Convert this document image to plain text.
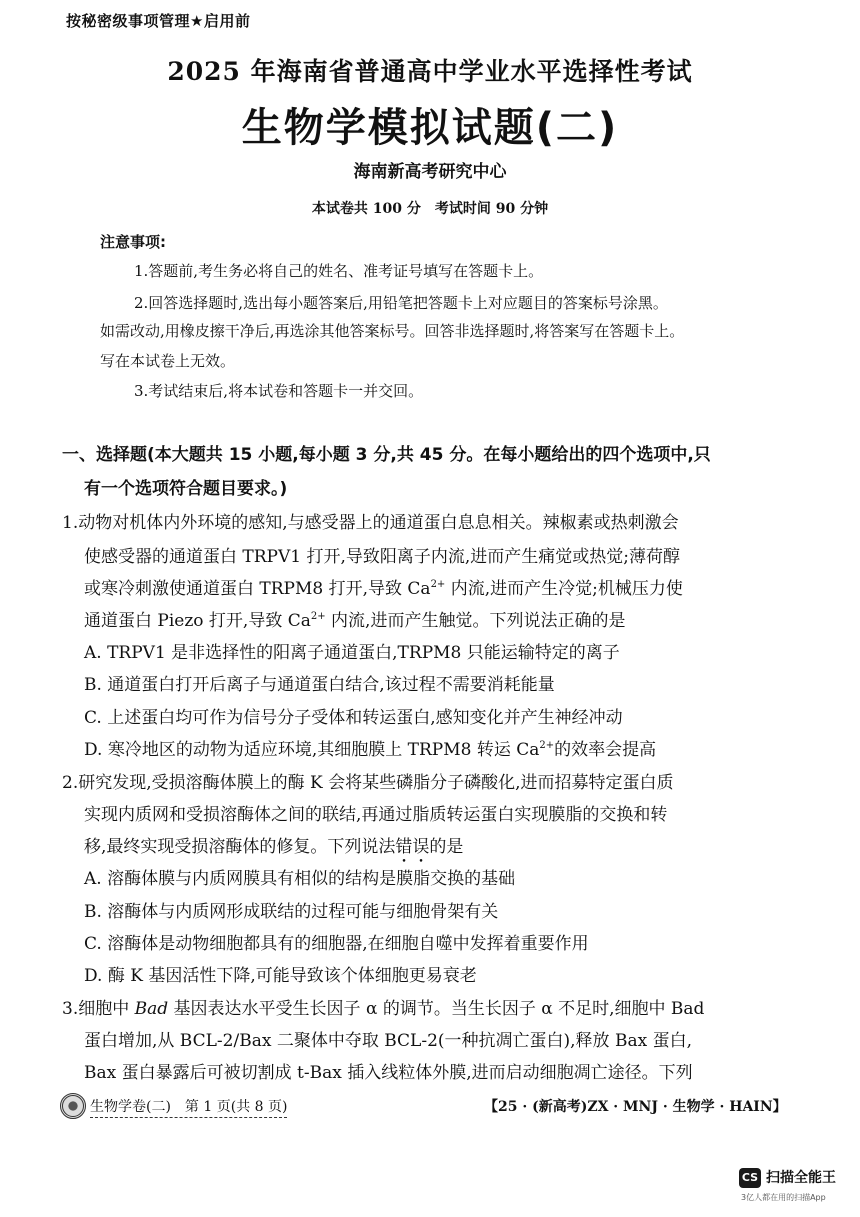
按秘密级事项管理★启用前
2025 年海南省普通高中学业水平选择性考试
生物学模拟试题(二)
海南新高考研究中心
本试卷共 100 分　考试时间 90 分钟
注意事项:
1.答题前,考生务必将自己的姓名、准考证号填写在答题卡上。
2.回答选择题时,选出每小题答案后,用铅笔把答题卡上对应题目的答案标号涂黑。
如需改动,用橡皮擦干净后,再选涂其他答案标号。回答非选择题时,将答案写在答题卡上。
写在本试卷上无效。
3.考试结束后,将本试卷和答题卡一并交回。
一、选择题(本大题共 15 小题,每小题 3 分,共 45 分。在每小题给出的四个选项中,只
有一个选项符合题目要求。)
1.动物对机体内外环境的感知,与感受器上的通道蛋白息息相关。辣椒素或热刺激会
使感受器的通道蛋白 TRPV1 打开,导致阳离子内流,进而产生痛觉或热觉;薄荷醇
或寒冷刺激使通道蛋白 TRPM8 打开,导致 $Ca^{2+}$ 内流,进而产生冷觉;机械压力使
通道蛋白 Piezo 打开,导致 $Ca^{2+}$ 内流,进而产生触觉。下列说法正确的是
A. TRPV1 是非选择性的阳离子通道蛋白,TRPM8 只能运输特定的离子
B. 通道蛋白打开后离子与通道蛋白结合,该过程不需要消耗能量
C. 上述蛋白均可作为信号分子受体和转运蛋白,感知变化并产生神经冲动
D. 寒冷地区的动物为适应环境,其细胞膜上 TRPM8 转运 $Ca^{2+}$的效率会提高
2.研究发现,受损溶酶体膜上的酶 K 会将某些磷脂分子磷酸化,进而招募特定蛋白质
实现内质网和受损溶酶体之间的联结,再通过脂质转运蛋白实现膜脂的交换和转
移,最终实现受损溶酶体的修复。下列说法错误的是
A. 溶酶体膜与内质网膜具有相似的结构是膜脂交换的基础
B. 溶酶体与内质网形成联结的过程可能与细胞骨架有关
C. 溶酶体是动物细胞都具有的细胞器,在细胞自噬中发挥着重要作用
D. 酶 K 基因活性下降,可能导致该个体细胞更易衰老
3.细胞中 Bad 基因表达水平受生长因子 α 的调节。当生长因子 α 不足时,细胞中 Bad
蛋白增加,从 BCL-2/Bax 二聚体中夺取 BCL-2(一种抗凋亡蛋白),释放 Bax 蛋白,
Bax 蛋白暴露后可被切割成 t-Bax 插入线粒体外膜,进而启动细胞凋亡途径。下列
生物学卷(二)　第 1 页(共 8 页)	【25 · (新高考)ZX · MNJ · 生物学 · HAIN】
CS 扫描全能王
3亿人都在用的扫描App
